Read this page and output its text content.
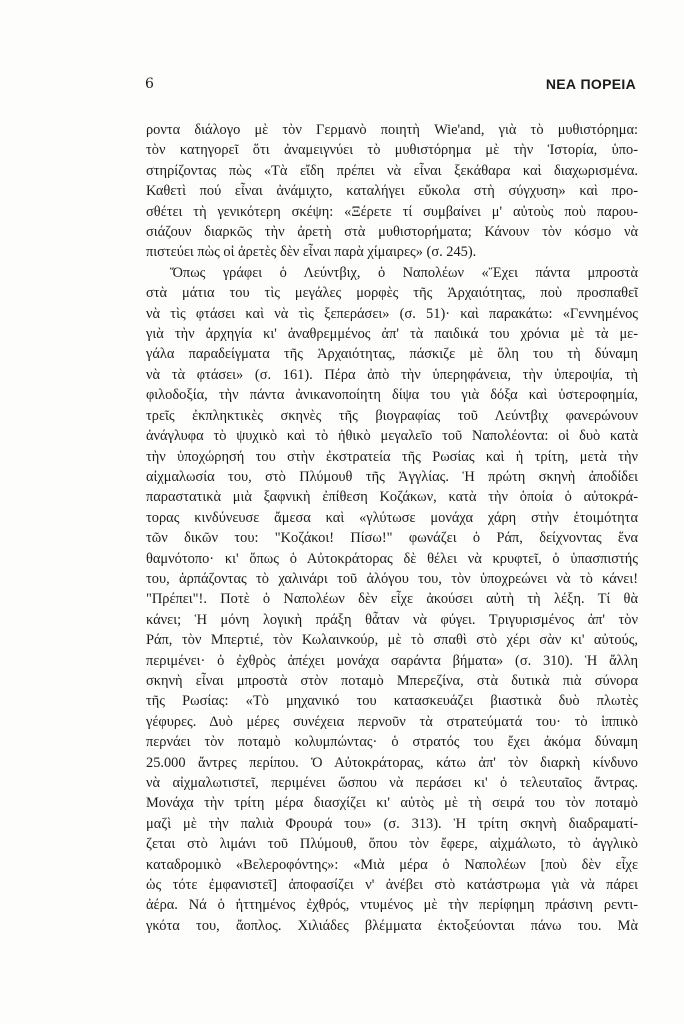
6	ΝΕΑ ΠΟΡΕΙΑ
ροντα διάλογο μὲ τὸν Γερμανὸ ποιητὴ Wie'and, γιὰ τὸ μυθιστόρημα:
τὸν κατηγορεῖ ὅτι ἀναμειγνύει τὸ μυθιστόρημα μὲ τὴν Ἱστορία, ὑπο-
στηρίζοντας πὼς «Τὰ εἴδη πρέπει νὰ εἶναι ξεκάθαρα καὶ διαχωρισμένα.
Καθετὶ πού εἶναι ἀνάμιχτο, καταλήγει εὔκολα στὴ σύγχυση» καὶ προ-
σθέτει τὴ γενικότερη σκέψη: «Ξέρετε τί συμβαίνει μ' αὐτοὺς ποὺ παρου-
σιάζουν διαρκῶς τὴν ἀρετὴ στὰ μυθιστορήματα; Κάνουν τὸν κόσμο νὰ
πιστεύει πὼς οἱ ἀρετὲς δὲν εἶναι παρὰ χίμαιρες» (σ. 245).
Ὅπως γράφει ὁ Λεύντβιχ, ὁ Ναπολέων «Ἔχει πάντα μπροστὰ
στὰ μάτια του τὶς μεγάλες μορφὲς τῆς Ἀρχαιότητας, ποὺ προσπαθεῖ
νὰ τὶς φτάσει καὶ νὰ τὶς ξεπεράσει» (σ. 51)· καὶ παρακάτω: «Γεννημένος
γιὰ τὴν ἀρχηγία κι' ἀναθρεμμένος ἀπ' τὰ παιδικά του χρόνια μὲ τὰ με-
γάλα παραδείγματα τῆς Ἀρχαιότητας, πάσκιζε μὲ ὅλη του τὴ δύναμη
νὰ τὰ φτάσει» (σ. 161). Πέρα ἀπὸ τὴν ὑπερηφάνεια, τὴν ὑπεροψία, τὴ
φιλοδοξία, τὴν πάντα ἀνικανοποίητη δίψα του γιὰ δόξα καὶ ὑστεροφημία,
τρεῖς ἐκπληκτικὲς σκηνὲς τῆς βιογραφίας τοῦ Λεύντβιχ φανερώνουν
ἀνάγλυφα τὸ ψυχικὸ καὶ τὸ ἠθικὸ μεγαλεῖο τοῦ Ναπολέοντα: οἱ δυὸ κατὰ
τὴν ὑποχώρησή του στὴν ἐκστρατεία τῆς Ρωσίας καὶ ἡ τρίτη, μετὰ τὴν
αἰχμαλωσία του, στὸ Πλύμουθ τῆς Ἀγγλίας. Ἡ πρώτη σκηνὴ ἀποδίδει
παραστατικὰ μιὰ ξαφνικὴ ἐπίθεση Κοζάκων, κατὰ τὴν ὁποία ὁ αὐτοκρά-
τορας κινδύνευσε ἄμεσα καὶ «γλύτωσε μονάχα χάρη στὴν ἑτοιμότητα
τῶν δικῶν του: "Κοζάκοι! Πίσω!" φωνάζει ὁ Ράπ, δείχνοντας ἕνα
θαμνότοπο· κι' ὅπως ὁ Αὐτοκράτορας δὲ θέλει νὰ κρυφτεῖ, ὁ ὑπασπιστής
του, ἁρπάζοντας τὸ χαλινάρι τοῦ ἀλόγου του, τὸν ὑποχρεώνει νὰ τὸ κάνει!
"Πρέπει"!. Ποτὲ ὁ Ναπολέων δὲν εἶχε ἀκούσει αὐτὴ τὴ λέξη. Τί θὰ
κάνει; Ἡ μόνη λογικὴ πράξη θἆταν νὰ φύγει. Τριγυρισμένος ἀπ' τὸν
Ράπ, τὸν Μπερτιέ, τὸν Κωλαινκούρ, μὲ τὸ σπαθὶ στὸ χέρι σὰν κι' αὐτούς,
περιμένει· ὁ ἐχθρὸς ἀπέχει μονάχα σαράντα βήματα» (σ. 310). Ἡ ἄλλη
σκηνὴ εἶναι μπροστὰ στὸν ποταμὸ Μπερεζίνα, στὰ δυτικὰ πιὰ σύνορα
τῆς Ρωσίας: «Τὸ μηχανικό του κατασκευάζει βιαστικὰ δυὸ πλωτὲς
γέφυρες. Δυὸ μέρες συνέχεια περνοῦν τὰ στρατεύματά του· τὸ ἱππικὸ
περνάει τὸν ποταμὸ κολυμπώντας· ὁ στρατός του ἔχει ἀκόμα δύναμη
25.000 ἄντρες περίπου. Ὁ Αὐτοκράτορας, κάτω ἀπ' τὸν διαρκὴ κίνδυνο
νὰ αἰχμαλωτιστεῖ, περιμένει ὥσπου νὰ περάσει κι' ὁ τελευταῖος ἄντρας.
Μονάχα τὴν τρίτη μέρα διασχίζει κι' αὐτὸς μὲ τὴ σειρά του τὸν ποταμὸ
μαζὶ μὲ τὴν παλιὰ Φρουρά του» (σ. 313). Ἡ τρίτη σκηνὴ διαδραματί-
ζεται στὸ λιμάνι τοῦ Πλύμουθ, ὅπου τὸν ἔφερε, αἰχμάλωτο, τὸ ἀγγλικὸ
καταδρομικὸ «Βελεροφόντης»: «Μιὰ μέρα ὁ Ναπολέων [ποὺ δὲν εἶχε
ὡς τότε ἐμφανιστεῖ] ἀποφασίζει ν' ἀνέβει στὸ κατάστρωμα γιὰ νὰ πάρει
ἀέρα. Νά ὁ ἡττημένος ἐχθρός, ντυμένος μὲ τὴν περίφημη πράσινη ρεντι-
γκότα του, ἄοπλος. Χιλιάδες βλέμματα ἐκτοξεύονται πάνω του. Μὰ
